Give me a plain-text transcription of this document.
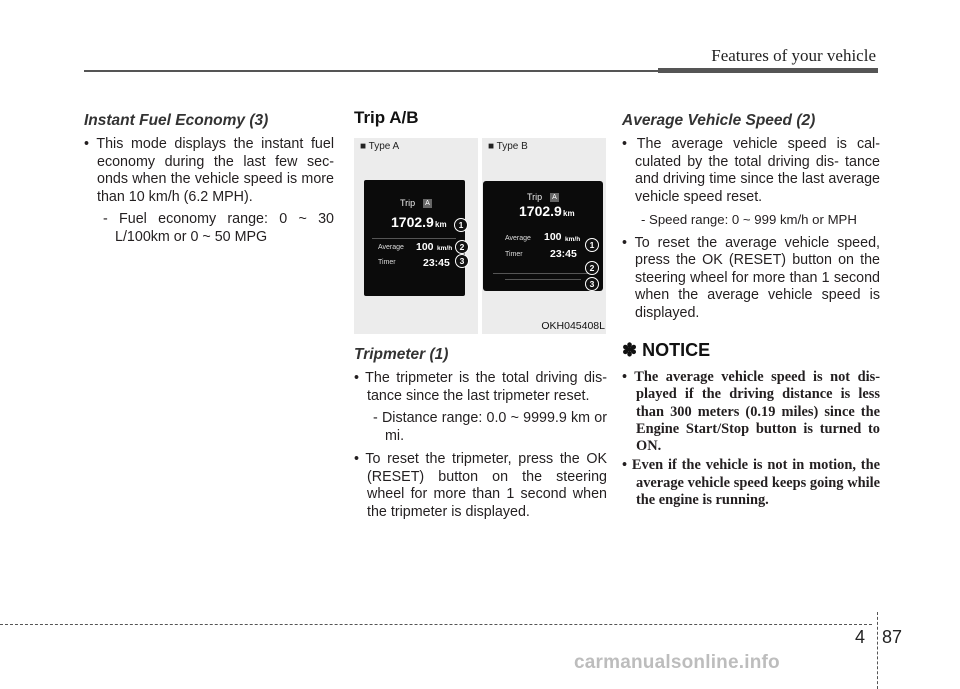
Features of your vehicle
Instant Fuel Economy (3)

• This mode displays the instant fuel economy during the last few sec- onds when the vehicle speed is more than 10 km/h (6.2 MPH).

- Fuel economy range: 0 ~ 30 L/100km or 0 ~ 50 MPG

Trip A/B
■ Type A	■ Type B
Trip	A
1702.9 km
Average 100 km/h
Timer	23:45
1
2
3
Trip	A
1702.9 km
Average 100 km/h
Timer	23:45
1
2
3
OKH045408L
Tripmeter (1)

• The tripmeter is the total driving dis- tance since the last tripmeter reset.

- Distance range: 0.0 ~ 9999.9 km or mi.

• To reset the tripmeter, press the OK (RESET) button on the steering wheel for more than 1 second when the tripmeter is displayed.

Average Vehicle Speed (2)

• The average vehicle speed is cal- culated by the total driving dis- tance and driving time since the last average vehicle speed reset.

- Speed range: 0 ~ 999 km/h or MPH

• To reset the average vehicle speed, press the OK (RESET) button on the steering wheel for more than 1 second when the average vehicle speed is displayed.

✽ NOTICE

• The average vehicle speed is not dis- played if the driving distance is less than 300 meters (0.19 miles) since the Engine Start/Stop button is turned to ON.

• Even if the vehicle is not in motion, the average vehicle speed keeps going while the engine is running.

4 87
carmanualsonline.info
